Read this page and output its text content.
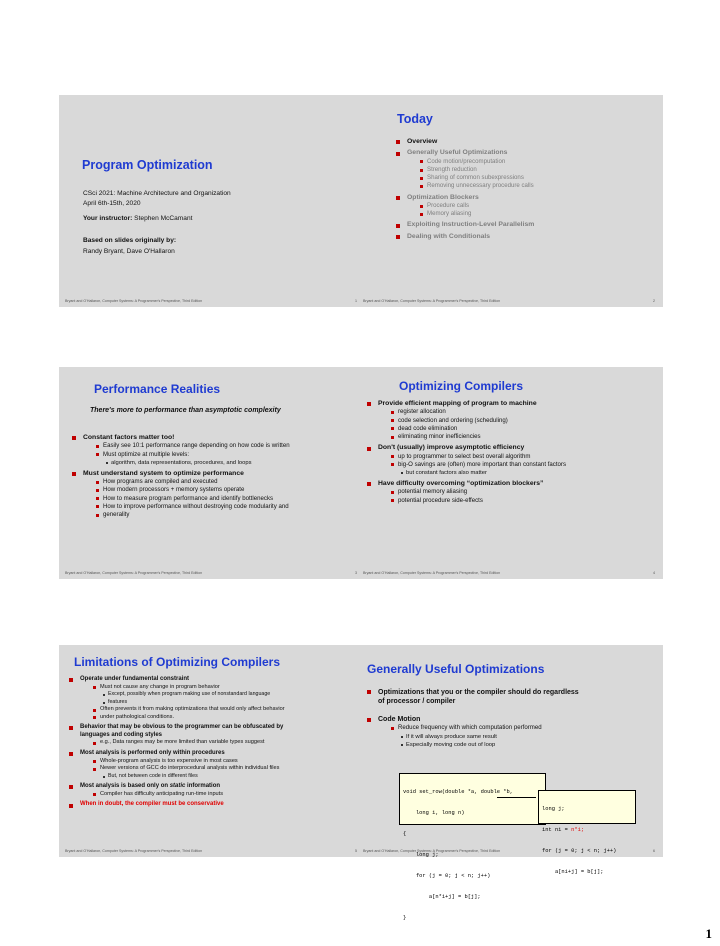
Program Optimization
CSci 2021: Machine Architecture and Organization
April 6th-15th, 2020
Your instructor: Stephen McCamant
Based on slides originally by:
Randy Bryant, Dave O'Hallaron
Bryant and O'Hallaron, Computer Systems: A Programmer's Perspective, Third Edition	1
Today
Overview
Generally Useful Optimizations
Code motion/precomputation
Strength reduction
Sharing of common subexpressions
Removing unnecessary procedure calls
Optimization Blockers
Procedure calls
Memory aliasing
Exploiting Instruction-Level Parallelism
Dealing with Conditionals
Bryant and O'Hallaron, Computer Systems: A Programmer's Perspective, Third Edition	2
Performance Realities
There's more to performance than asymptotic complexity
Constant factors matter too!
Easily see 10:1 performance range depending on how code is written
Must optimize at multiple levels:
algorithm, data representations, procedures, and loops
Must understand system to optimize performance
How programs are compiled and executed
How modern processors + memory systems operate
How to measure program performance and identify bottlenecks
How to improve performance without destroying code modularity and
generality
Bryant and O'Hallaron, Computer Systems: A Programmer's Perspective, Third Edition	3
Optimizing Compilers
Provide efficient mapping of program to machine
register allocation
code selection and ordering (scheduling)
dead code elimination
eliminating minor inefficiencies
Don't (usually) improve asymptotic efficiency
up to programmer to select best overall algorithm
big-O savings are (often) more important than constant factors
but constant factors also matter
Have difficulty overcoming “optimization blockers”
potential memory aliasing
potential procedure side-effects
Bryant and O'Hallaron, Computer Systems: A Programmer's Perspective, Third Edition	4
Limitations of Optimizing Compilers
Operate under fundamental constraint
Must not cause any change in program behavior
Except, possibly when program making use of nonstandard language
features
Often prevents it from making optimizations that would only affect behavior
under pathological conditions.
Behavior that may be obvious to the programmer can be obfuscated by
languages and coding styles
e.g., Data ranges may be more limited than variable types suggest
Most analysis is performed only within procedures
Whole-program analysis is too expensive in most cases
Newer versions of GCC do interprocedural analysis within individual files
But, not between code in different files
Most analysis is based only on static information
Compiler has difficulty anticipating run-time inputs
When in doubt, the compiler must be conservative
Bryant and O'Hallaron, Computer Systems: A Programmer's Perspective, Third Edition	5
Generally Useful Optimizations
Optimizations that you or the compiler should do regardless
of processor / compiler
Code Motion
Reduce frequency with which computation performed
If it will always produce same result
Especially moving code out of loop

void set_row(double *a, double *b,

long i, long n)

{

long j;

for (j = 0; j < n; j++)

a[n*i+j] = b[j];

}

long j;

int ni = n*i;

for (j = 0; j < n; j++)

a[ni+j] = b[j];

Bryant and O'Hallaron, Computer Systems: A Programmer's Perspective, Third Edition	6
1
